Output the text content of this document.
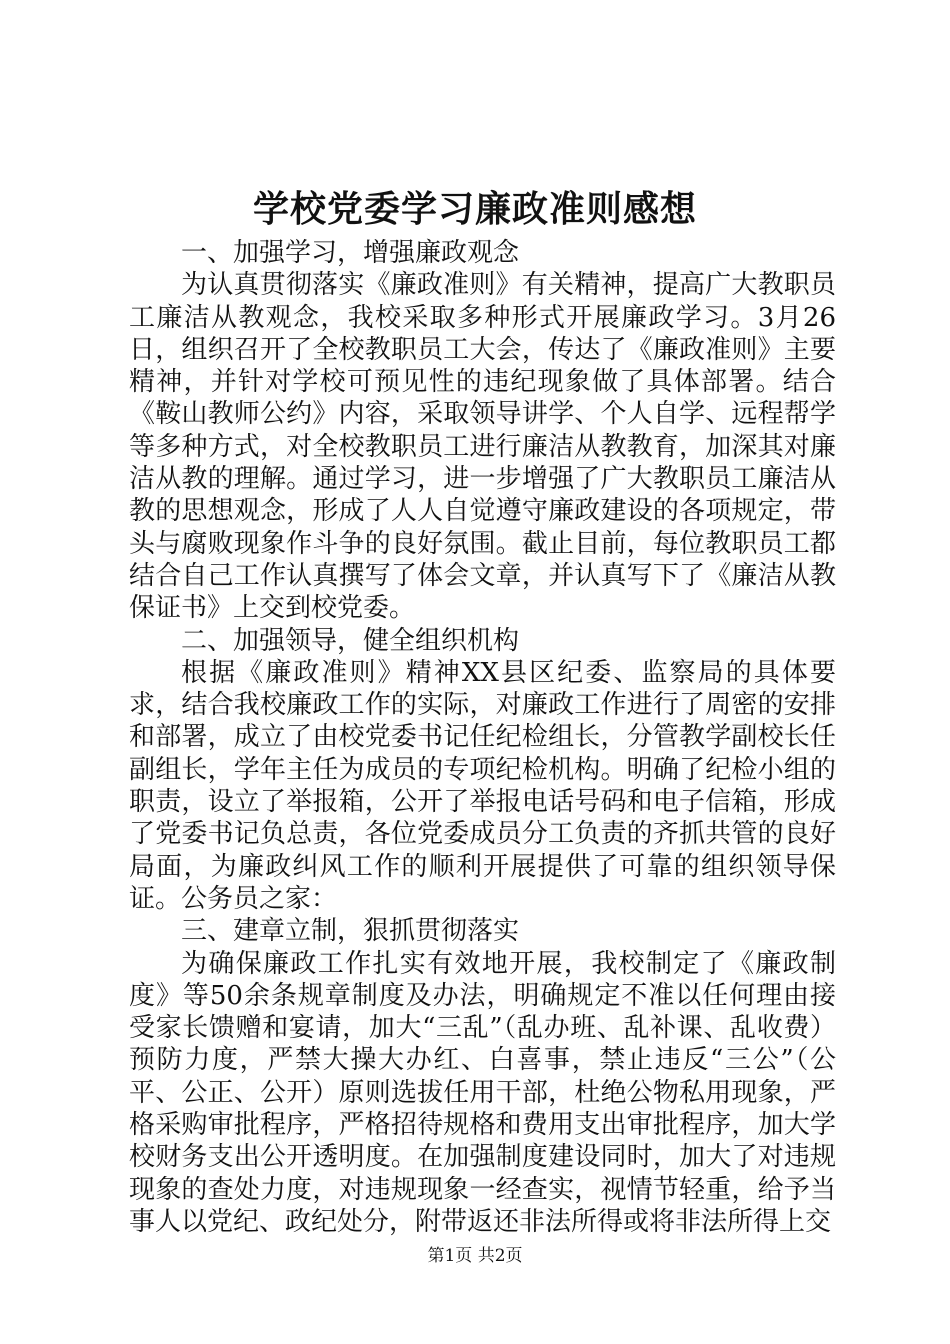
学校党委学习廉政准则感想

一、加强学习，增强廉政观念

为认真贯彻落实《廉政准则》有关精神，提高广大教职员工廉洁从教观念，我校采取多种形式开展廉政学习。3月26日，组织召开了全校教职员工大会，传达了《廉政准则》主要精神，并针对学校可预见性的违纪现象做了具体部署。结合《鞍山教师公约》内容，采取领导讲学、个人自学、远程帮学等多种方式，对全校教职员工进行廉洁从教教育，加深其对廉洁从教的理解。通过学习，进一步增强了广大教职员工廉洁从教的思想观念，形成了人人自觉遵守廉政建设的各项规定，带头与腐败现象作斗争的良好氛围。截止目前，每位教职员工都结合自己工作认真撰写了体会文章，并认真写下了《廉洁从教保证书》上交到校党委。

二、加强领导，健全组织机构

根据《廉政准则》精神XX县区纪委、监察局的具体要求，结合我校廉政工作的实际，对廉政工作进行了周密的安排和部署，成立了由校党委书记任纪检组长，分管教学副校长任副组长，学年主任为成员的专项纪检机构。明确了纪检小组的职责，设立了举报箱，公开了举报电话号码和电子信箱，形成了党委书记负总责，各位党委成员分工负责的齐抓共管的良好局面，为廉政纠风工作的顺利开展提供了可靠的组织领导保证。公务员之家：

三、建章立制，狠抓贯彻落实

为确保廉政工作扎实有效地开展，我校制定了《廉政制度》等50余条规章制度及办法，明确规定不准以任何理由接受家长馈赠和宴请，加大“三乱”（乱办班、乱补课、乱收费）预防力度，严禁大操大办红、白喜事，禁止违反“三公”（公平、公正、公开）原则选拔任用干部，杜绝公物私用现象，严格采购审批程序，严格招待规格和费用支出审批程序，加大学校财务支出公开透明度。在加强制度建设同时，加大了对违规现象的查处力度，对违规现象一经查实，视情节轻重，给予当事人以党纪、政纪处分，附带返还非法所得或将非法所得上交

第1页 共2页
